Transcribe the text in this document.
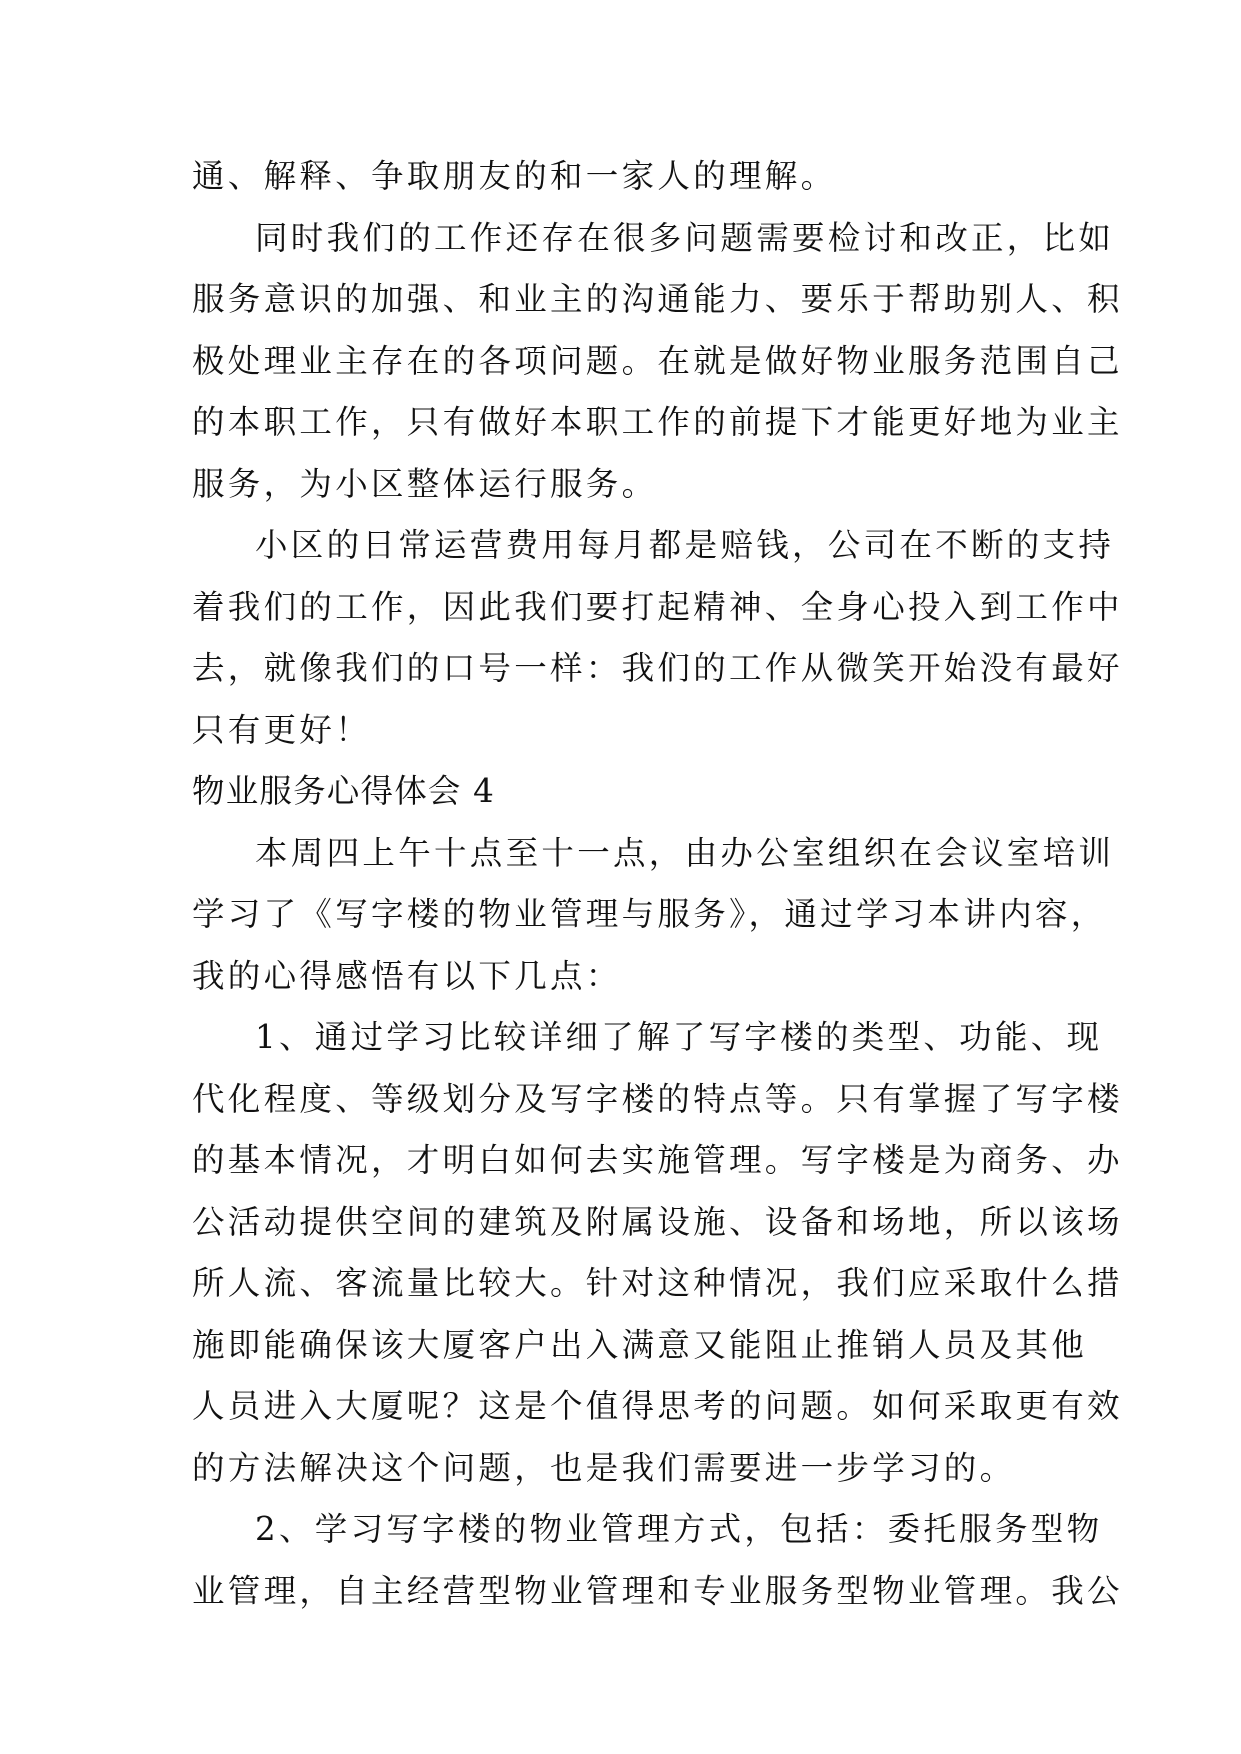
通、解释、争取朋友的和一家人的理解。
同时我们的工作还存在很多问题需要检讨和改正，比如
服务意识的加强、和业主的沟通能力、要乐于帮助别人、积
极处理业主存在的各项问题。在就是做好物业服务范围自己
的本职工作，只有做好本职工作的前提下才能更好地为业主
服务，为小区整体运行服务。
小区的日常运营费用每月都是赔钱，公司在不断的支持
着我们的工作，因此我们要打起精神、全身心投入到工作中
去，就像我们的口号一样：我们的工作从微笑开始没有最好
只有更好！
物业服务心得体会 4
本周四上午十点至十一点，由办公室组织在会议室培训
学习了《写字楼的物业管理与服务》，通过学习本讲内容，
我的心得感悟有以下几点：
1、通过学习比较详细了解了写字楼的类型、功能、现
代化程度、等级划分及写字楼的特点等。只有掌握了写字楼
的基本情况，才明白如何去实施管理。写字楼是为商务、办
公活动提供空间的建筑及附属设施、设备和场地，所以该场
所人流、客流量比较大。针对这种情况，我们应采取什么措
施即能确保该大厦客户出入满意又能阻止推销人员及其他
人员进入大厦呢？这是个值得思考的问题。如何采取更有效
的方法解决这个问题，也是我们需要进一步学习的。
2、学习写字楼的物业管理方式，包括：委托服务型物
业管理，自主经营型物业管理和专业服务型物业管理。我公
